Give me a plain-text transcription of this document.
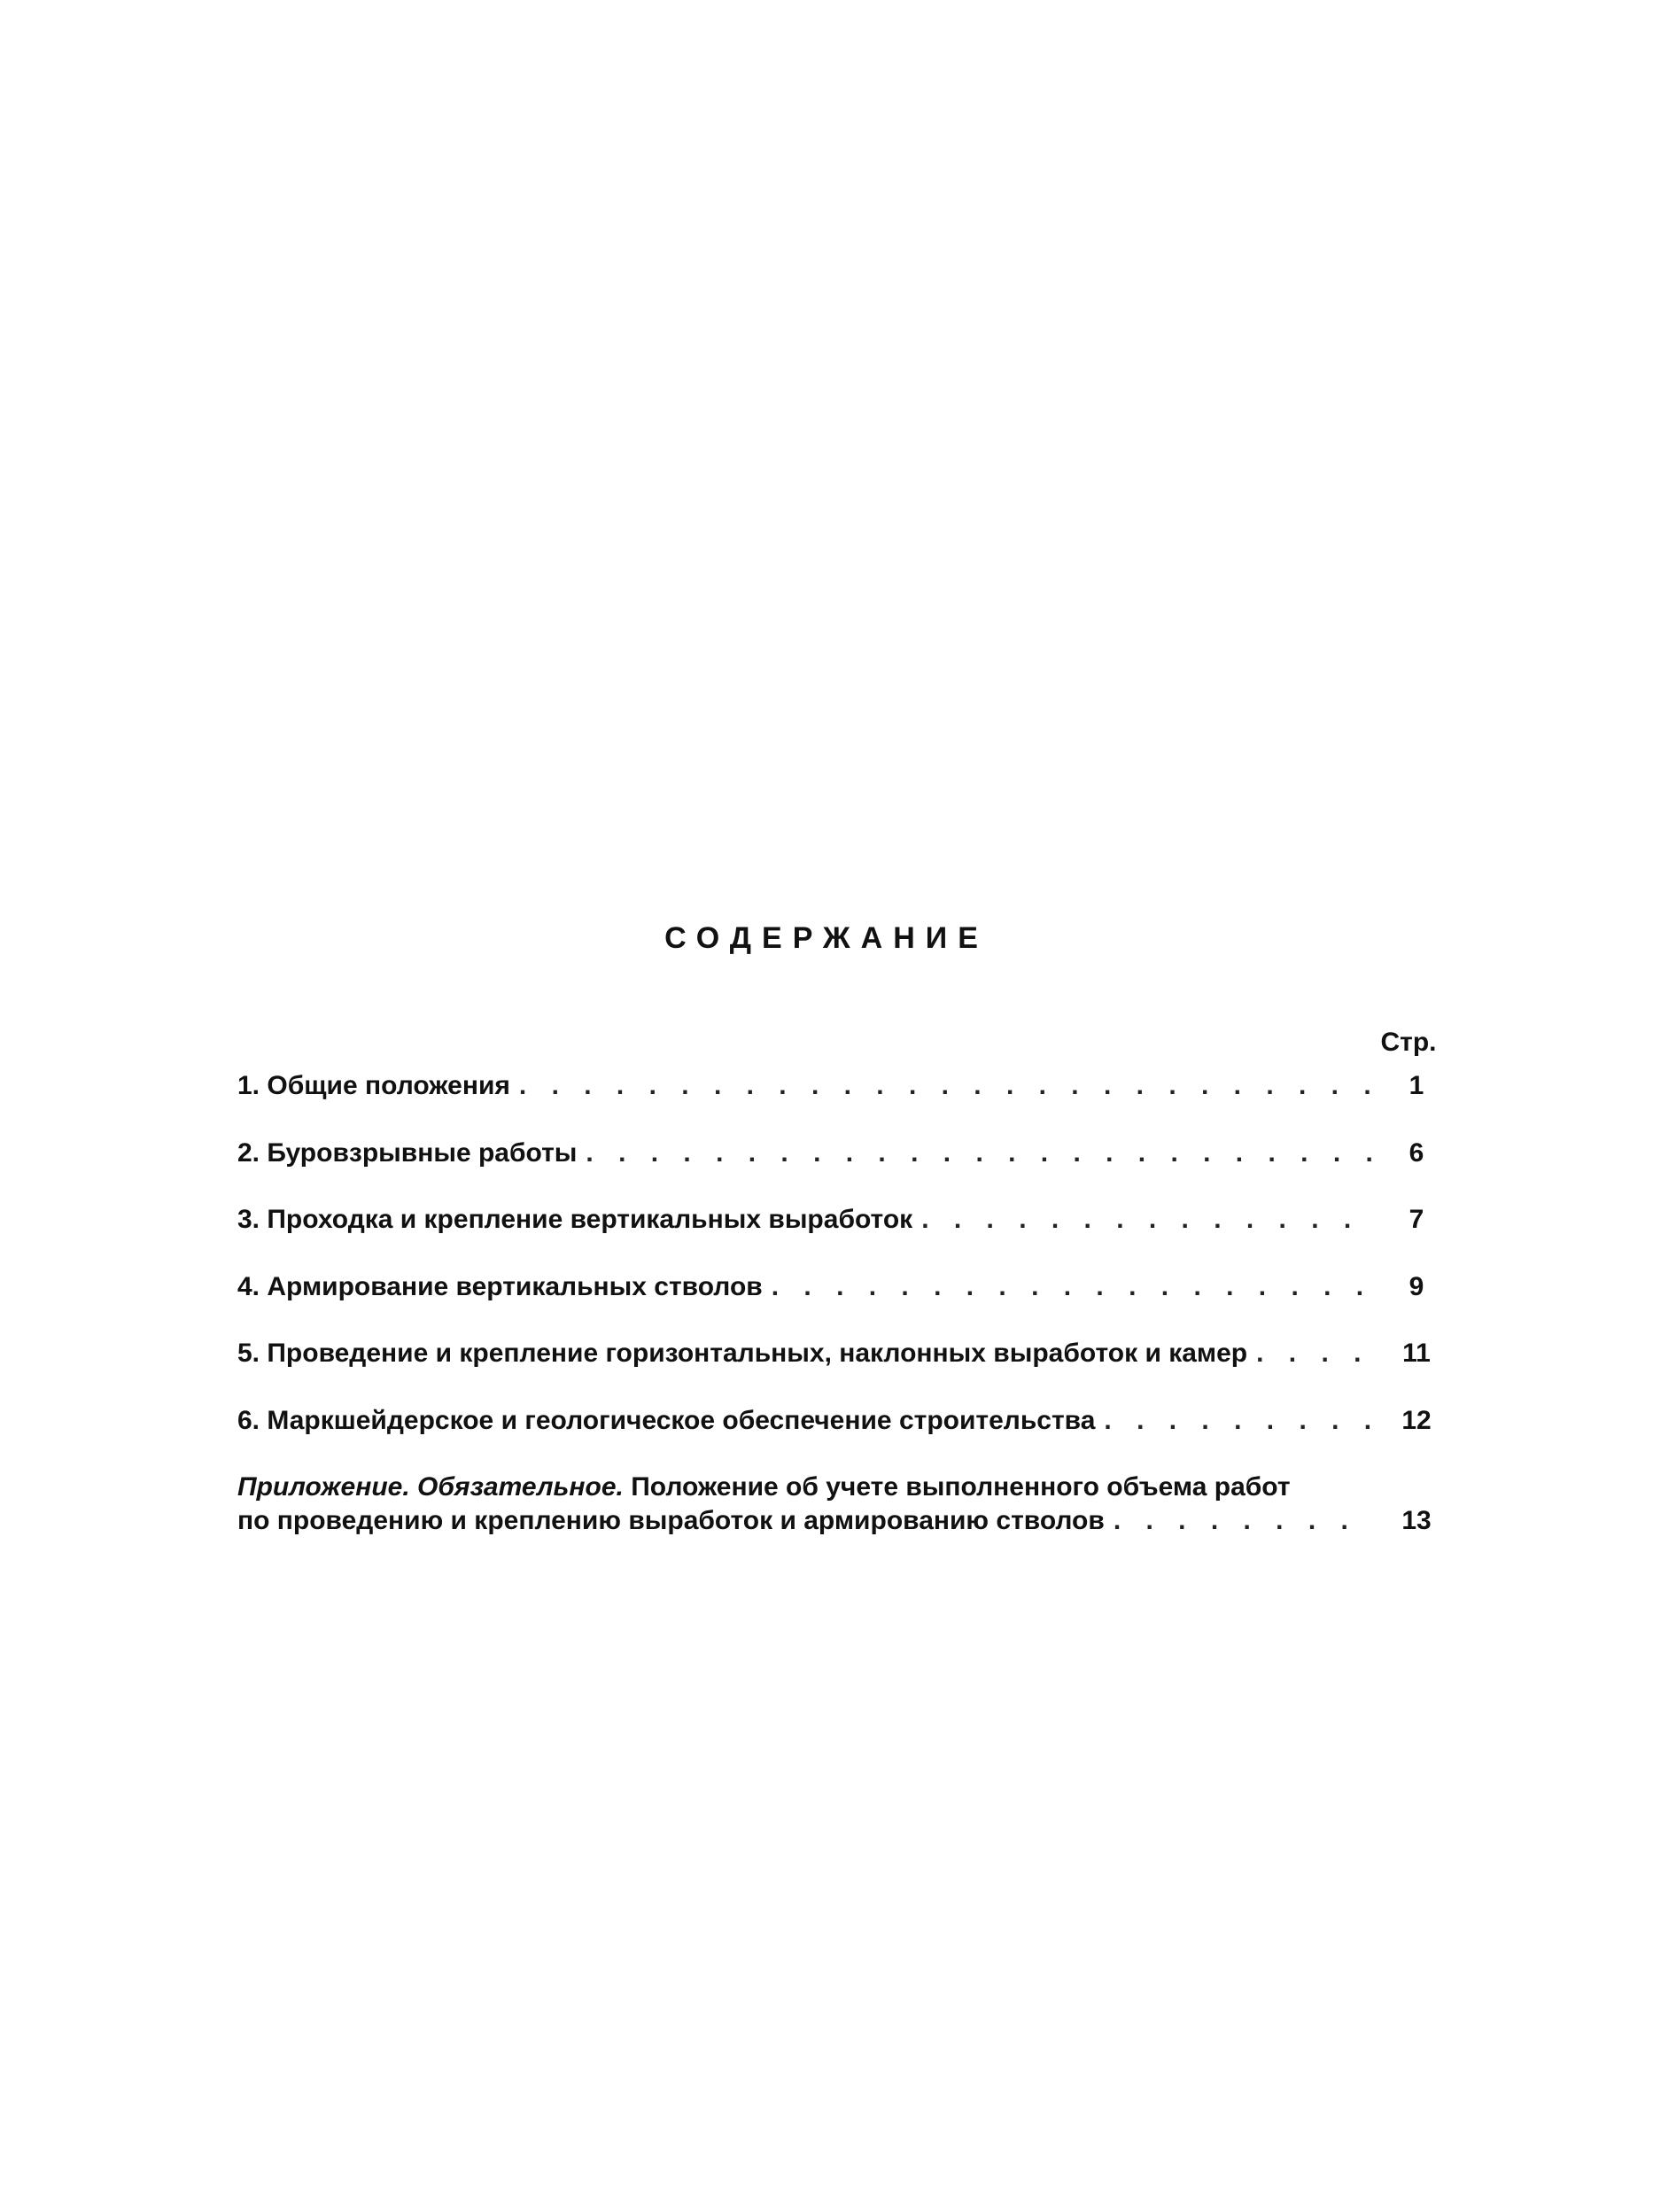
СОДЕРЖАНИЕ
Стр.
1. Общие положения . . .	1
2. Буровзрывные работы . . .	6
3. Проходка и крепление вертикальных выработок . . .	7
4. Армирование вертикальных стволов . . .	9
5. Проведение и крепление горизонтальных, наклонных выработок и камер . . .	11
6. Маркшейдерское и геологическое обеспечение строительства . . .	12
Приложение. Обязательное. Положение об учете выполненного объема работ
по проведению и креплению выработок и армированию стволов . . .	13
